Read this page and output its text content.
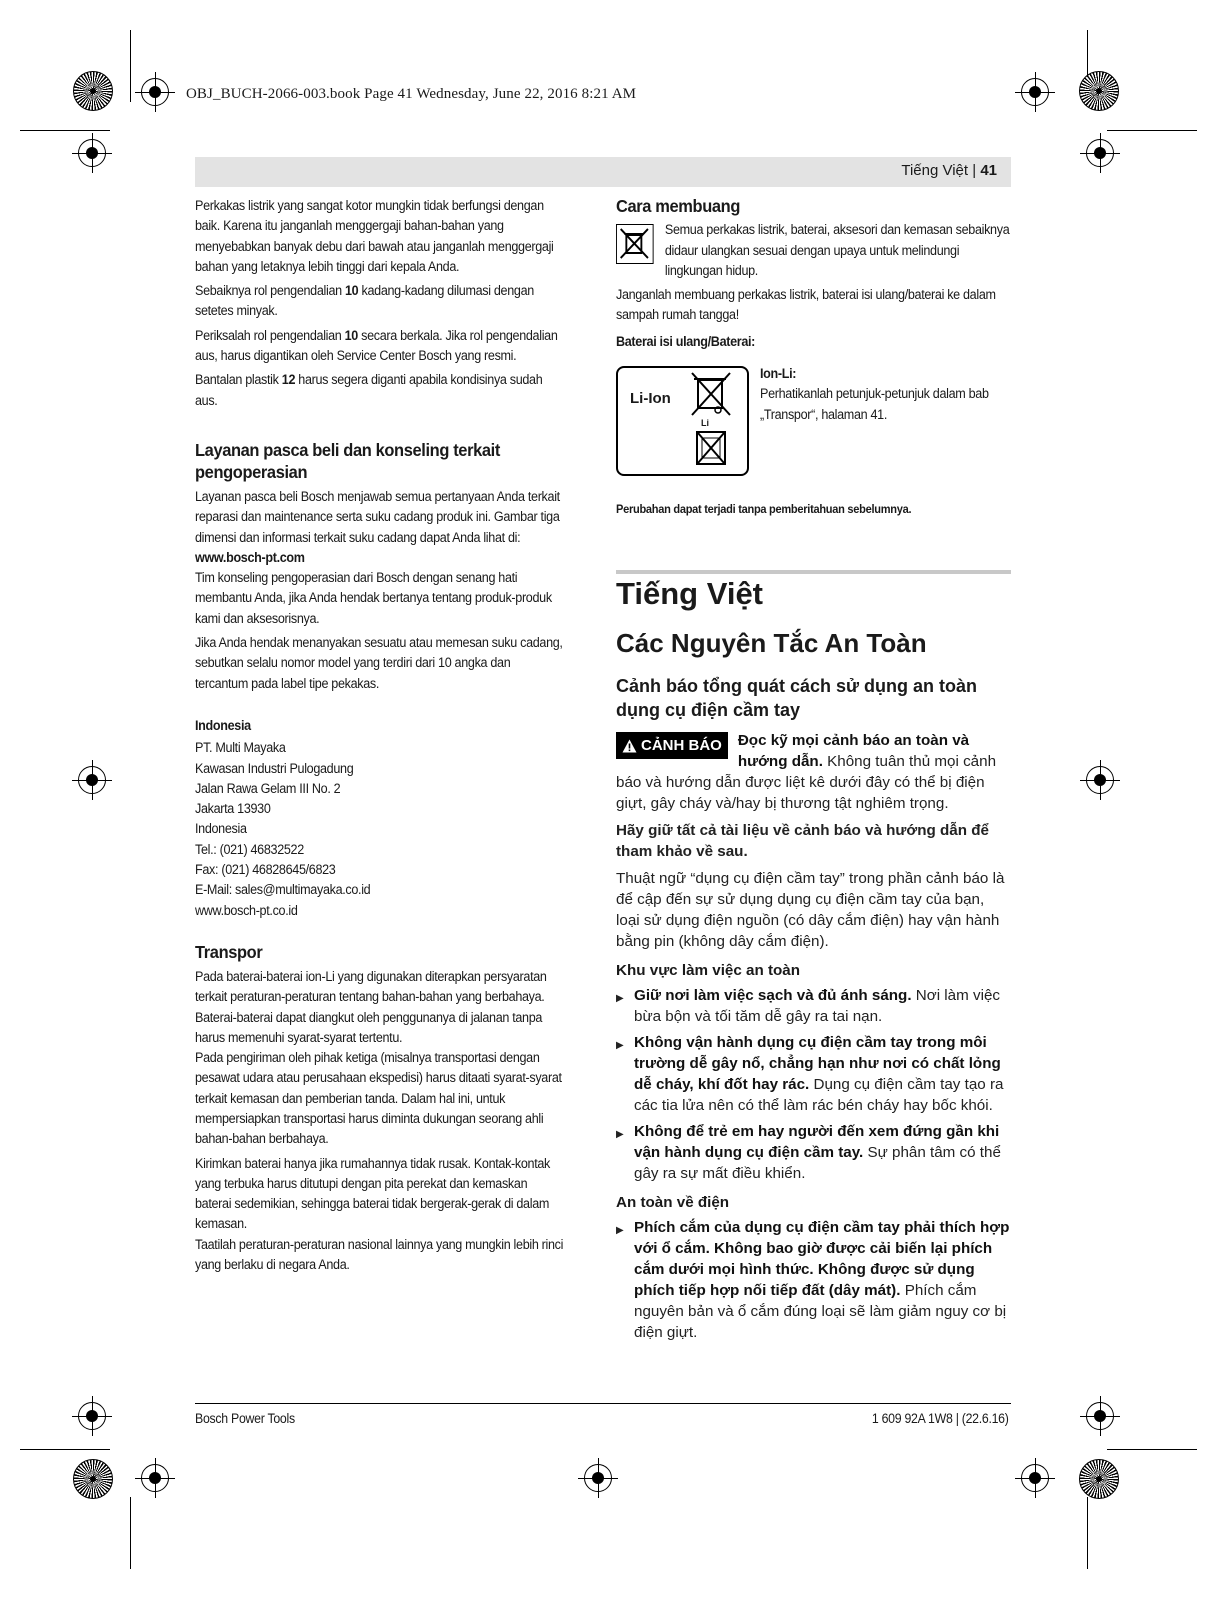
OBJ_BUCH-2066-003.book Page 41 Wednesday, June 22, 2016 8:21 AM
Tiếng Việt | 41

Perkakas listrik yang sangat kotor mungkin tidak berfungsi dengan baik. Karena itu janganlah menggergaji bahan-bahan yang menyebabkan banyak debu dari bawah atau janganlah menggergaji bahan yang letaknya lebih tinggi dari kepala Anda.

Sebaiknya rol pengendalian 10 kadang-kadang dilumasi dengan setetes minyak.

Periksalah rol pengendalian 10 secara berkala. Jika rol pengendalian aus, harus digantikan oleh Service Center Bosch yang resmi.

Bantalan plastik 12 harus segera diganti apabila kondisinya sudah aus.

Layanan pasca beli dan konseling terkait pengoperasian

Layanan pasca beli Bosch menjawab semua pertanyaan Anda terkait reparasi dan maintenance serta suku cadang produk ini. Gambar tiga dimensi dan informasi terkait suku cadang dapat Anda lihat di:

www.bosch-pt.com

Tim konseling pengoperasian dari Bosch dengan senang hati membantu Anda, jika Anda hendak bertanya tentang produk-produk kami dan aksesorisnya.

Jika Anda hendak menanyakan sesuatu atau memesan suku cadang, sebutkan selalu nomor model yang terdiri dari 10 angka dan tercantum pada label tipe pekakas.

Indonesia
PT. Multi Mayaka
Kawasan Industri Pulogadung
Jalan Rawa Gelam III No. 2
Jakarta 13930
Indonesia
Tel.: (021) 46832522
Fax: (021) 46828645/6823
E-Mail: sales@multimayaka.co.id
www.bosch-pt.co.id
Transpor

Pada baterai-baterai ion-Li yang digunakan diterapkan persyaratan terkait peraturan-peraturan tentang bahan-bahan yang berbahaya. Baterai-baterai dapat diangkut oleh penggunanya di jalanan tanpa harus memenuhi syarat-syarat tertentu.

Pada pengiriman oleh pihak ketiga (misalnya transportasi dengan pesawat udara atau perusahaan ekspedisi) harus ditaati syarat-syarat terkait kemasan dan pemberian tanda. Dalam hal ini, untuk mempersiapkan transportasi harus diminta dukungan seorang ahli bahan-bahan berbahaya.

Kirimkan baterai hanya jika rumahannya tidak rusak. Kontak-kontak yang terbuka harus ditutupi dengan pita perekat dan kemaskan baterai sedemikian, sehingga baterai tidak bergerak-gerak di dalam kemasan.

Taatilah peraturan-peraturan nasional lainnya yang mungkin lebih rinci yang berlaku di negara Anda.

Cara membuang
Semua perkakas listrik, baterai, aksesori dan kemasan sebaiknya didaur ulangkan sesuai dengan upaya untuk melindungi lingkungan hidup.

Janganlah membuang perkakas listrik, baterai isi ulang/baterai ke dalam sampah rumah tangga!

Baterai isi ulang/Baterai:
Li-Ion
Li
Ion-Li:
Perhatikanlah petunjuk-petunjuk dalam bab „Transpor“, halaman 41.
Perubahan dapat terjadi tanpa pemberitahuan sebelumnya.
Tiếng Việt
Các Nguyên Tắc An Toàn
Cảnh báo tổng quát cách sử dụng an toàn dụng cụ điện cầm tay
CẢNH BÁO Đọc kỹ mọi cảnh báo an toàn và hướng dẫn. Không tuân thủ mọi cảnh báo và hướng dẫn được liệt kê dưới đây có thể bị điện giựt, gây cháy và/hay bị thương tật nghiêm trọng.
Hãy giữ tất cả tài liệu về cảnh báo và hướng dẫn để tham khảo về sau.
Thuật ngữ “dụng cụ điện cầm tay” trong phần cảnh báo là để cập đến sự sử dụng dụng cụ điện cầm tay của bạn, loại sử dụng điện nguồn (có dây cắm điện) hay vận hành bằng pin (không dây cắm điện).
Khu vực làm việc an toàn
▶ Giữ nơi làm việc sạch và đủ ánh sáng. Nơi làm việc bừa bộn và tối tăm dễ gây ra tai nạn.
▶ Không vận hành dụng cụ điện cầm tay trong môi trường dễ gây nổ, chẳng hạn như nơi có chất lỏng dễ cháy, khí đốt hay rác. Dụng cụ điện cầm tay tạo ra các tia lửa nên có thể làm rác bén cháy hay bốc khói.
▶ Không để trẻ em hay người đến xem đứng gần khi vận hành dụng cụ điện cầm tay. Sự phân tâm có thể gây ra sự mất điều khiển.
An toàn về điện
▶ Phích cắm của dụng cụ điện cầm tay phải thích hợp với ổ cắm. Không bao giờ được cải biến lại phích cắm dưới mọi hình thức. Không được sử dụng phích tiếp hợp nối tiếp đất (dây mát). Phích cắm nguyên bản và ổ cắm đúng loại sẽ làm giảm nguy cơ bị điện giựt.
Bosch Power Tools	1 609 92A 1W8 | (22.6.16)
